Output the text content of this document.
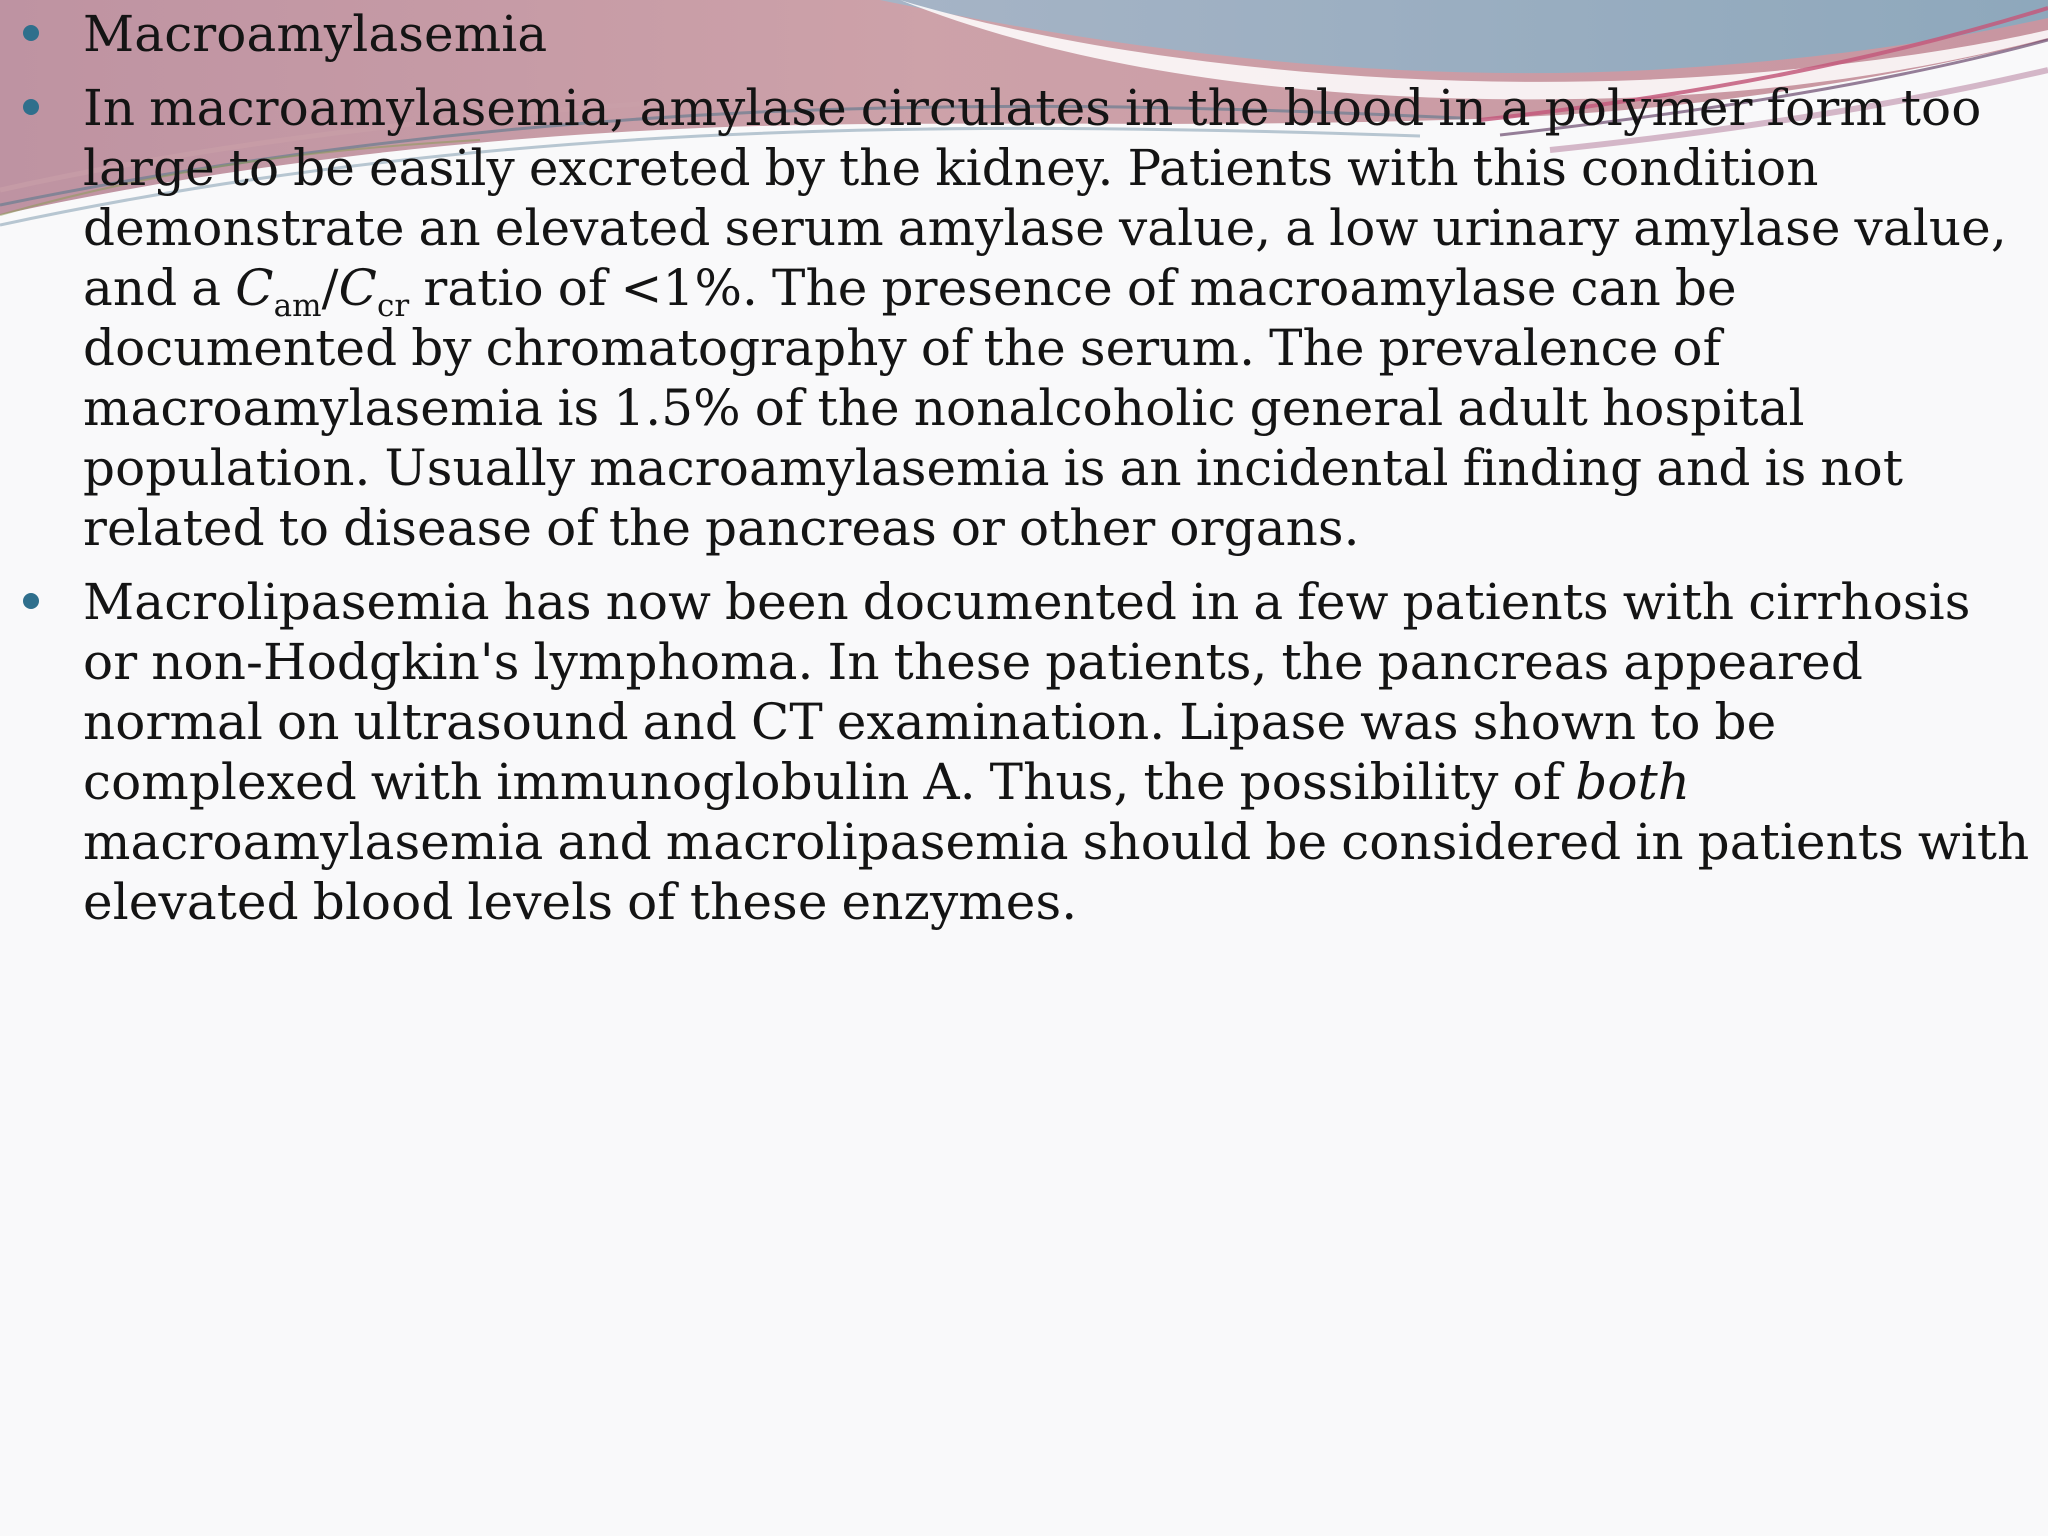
Macroamylasemia
In macroamylasemia, amylase circulates in the blood in a polymer form too large to be easily excreted by the kidney. Patients with this condition demonstrate an elevated serum amylase value, a low urinary amylase value, and a $C_{am}/C_{cr}$ ratio of <1%. The presence of macroamylase can be documented by chromatography of the serum. The prevalence of macroamylasemia is 1.5% of the nonalcoholic general adult hospital population. Usually macroamylasemia is an incidental finding and is not related to disease of the pancreas or other organs.
Macrolipasemia has now been documented in a few patients with cirrhosis or non-Hodgkin's lymphoma. In these patients, the pancreas appeared normal on ultrasound and CT examination. Lipase was shown to be complexed with immunoglobulin A. Thus, the possibility of both macroamylasemia and macrolipasemia should be considered in patients with elevated blood levels of these enzymes.
